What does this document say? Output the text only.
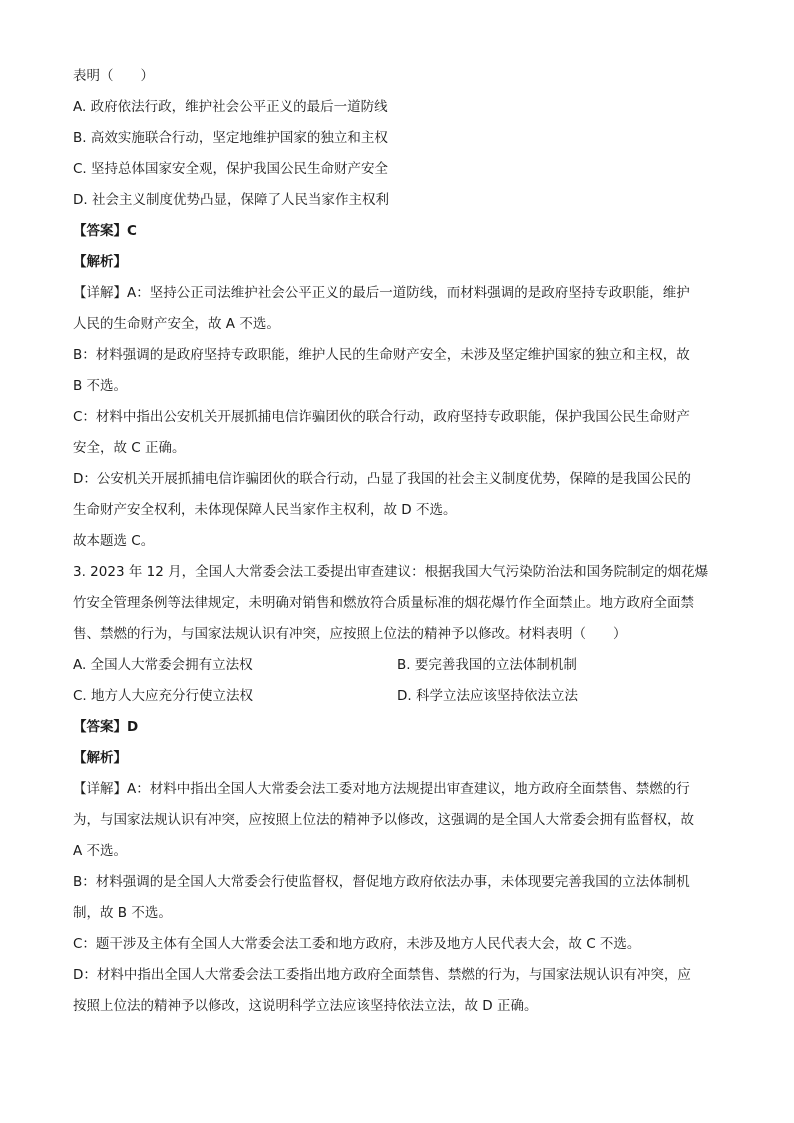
表明（　　）
A. 政府依法行政，维护社会公平正义的最后一道防线
B. 高效实施联合行动，坚定地维护国家的独立和主权
C. 坚持总体国家安全观，保护我国公民生命财产安全
D. 社会主义制度优势凸显，保障了人民当家作主权利
【答案】C
【解析】
【详解】A：坚持公正司法维护社会公平正义的最后一道防线，而材料强调的是政府坚持专政职能，维护
人民的生命财产安全，故 A 不选。
B：材料强调的是政府坚持专政职能，维护人民的生命财产安全，未涉及坚定维护国家的独立和主权，故
B 不选。
C：材料中指出公安机关开展抓捕电信诈骗团伙的联合行动，政府坚持专政职能，保护我国公民生命财产
安全，故 C 正确。
D：公安机关开展抓捕电信诈骗团伙的联合行动，凸显了我国的社会主义制度优势，保障的是我国公民的
生命财产安全权利，未体现保障人民当家作主权利，故 D 不选。
故本题选 C。
3. 2023 年 12 月，全国人大常委会法工委提出审查建议：根据我国大气污染防治法和国务院制定的烟花爆
竹安全管理条例等法律规定，未明确对销售和燃放符合质量标准的烟花爆竹作全面禁止。地方政府全面禁
售、禁燃的行为，与国家法规认识有冲突，应按照上位法的精神予以修改。材料表明（　　）
A. 全国人大常委会拥有立法权	B. 要完善我国的立法体制机制
C. 地方人大应充分行使立法权	D. 科学立法应该坚持依法立法
【答案】D
【解析】
【详解】A：材料中指出全国人大常委会法工委对地方法规提出审查建议，地方政府全面禁售、禁燃的行
为，与国家法规认识有冲突，应按照上位法的精神予以修改，这强调的是全国人大常委会拥有监督权，故
A 不选。
B：材料强调的是全国人大常委会行使监督权，督促地方政府依法办事，未体现要完善我国的立法体制机
制，故 B 不选。
C：题干涉及主体有全国人大常委会法工委和地方政府，未涉及地方人民代表大会，故 C 不选。
D：材料中指出全国人大常委会法工委指出地方政府全面禁售、禁燃的行为，与国家法规认识有冲突，应
按照上位法的精神予以修改，这说明科学立法应该坚持依法立法，故 D 正确。
